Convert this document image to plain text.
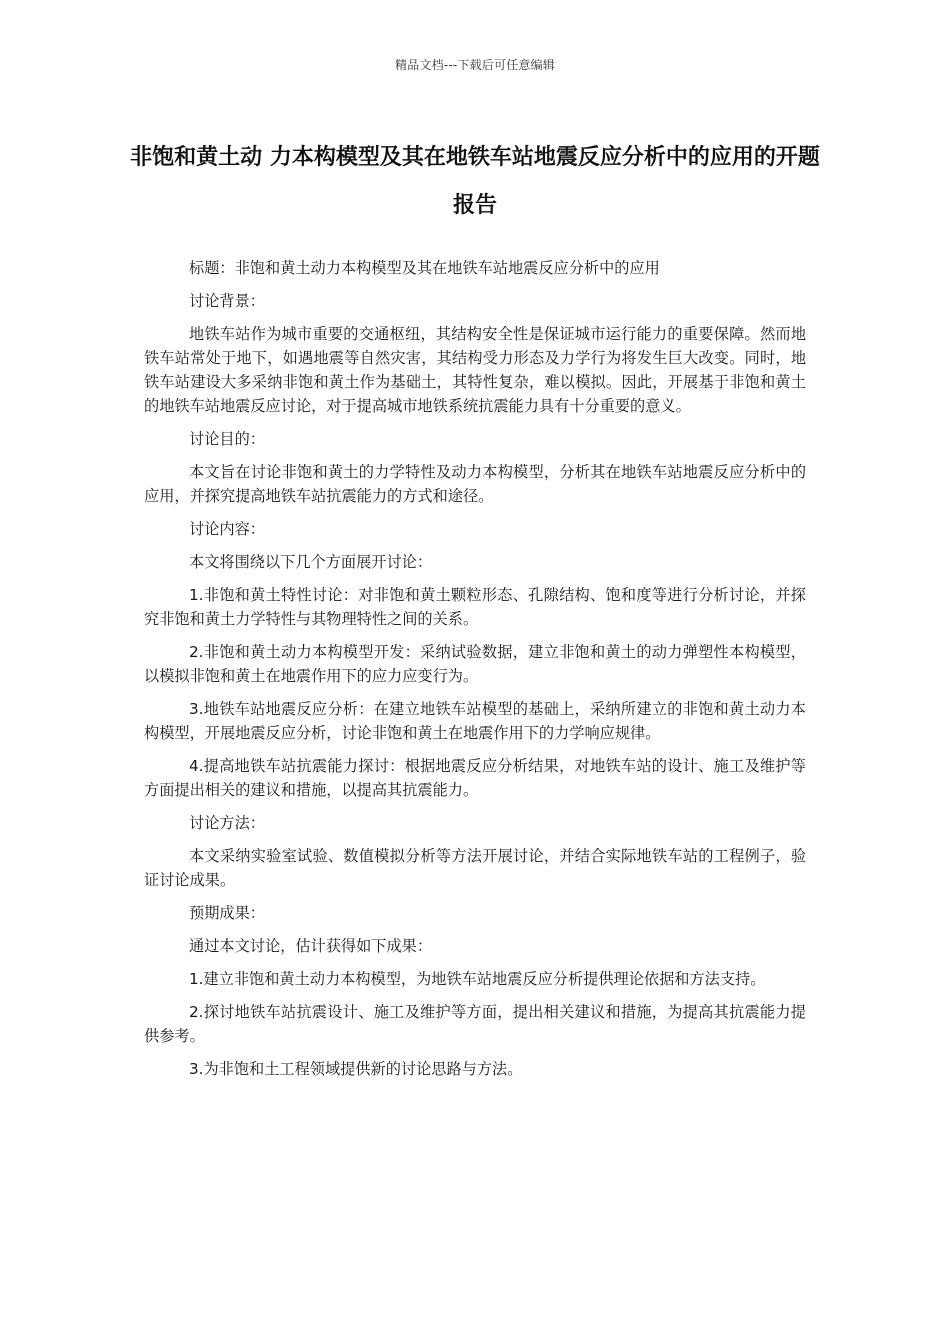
精品文档---下载后可任意编辑
非饱和黄土动 力本构模型及其在地铁车站地震反应分析中的应用的开题报告

标题：非饱和黄土动力本构模型及其在地铁车站地震反应分析中的应用

讨论背景：

地铁车站作为城市重要的交通枢纽，其结构安全性是保证城市运行能力的重要保障。然而地铁车站常处于地下，如遇地震等自然灾害，其结构受力形态及力学行为将发生巨大改变。同时，地铁车站建设大多采纳非饱和黄土作为基础土，其特性复杂，难以模拟。因此，开展基于非饱和黄土的地铁车站地震反应讨论，对于提高城市地铁系统抗震能力具有十分重要的意义。

讨论目的：

本文旨在讨论非饱和黄土的力学特性及动力本构模型，分析其在地铁车站地震反应分析中的应用，并探究提高地铁车站抗震能力的方式和途径。

讨论内容：

本文将围绕以下几个方面展开讨论：

1.非饱和黄土特性讨论：对非饱和黄土颗粒形态、孔隙结构、饱和度等进行分析讨论，并探究非饱和黄土力学特性与其物理特性之间的关系。

2.非饱和黄土动力本构模型开发：采纳试验数据，建立非饱和黄土的动力弹塑性本构模型，以模拟非饱和黄土在地震作用下的应力应变行为。

3.地铁车站地震反应分析：在建立地铁车站模型的基础上，采纳所建立的非饱和黄土动力本构模型，开展地震反应分析，讨论非饱和黄土在地震作用下的力学响应规律。

4.提高地铁车站抗震能力探讨：根据地震反应分析结果，对地铁车站的设计、施工及维护等方面提出相关的建议和措施，以提高其抗震能力。

讨论方法：

本文采纳实验室试验、数值模拟分析等方法开展讨论，并结合实际地铁车站的工程例子，验证讨论成果。

预期成果：

通过本文讨论，估计获得如下成果：

1.建立非饱和黄土动力本构模型，为地铁车站地震反应分析提供理论依据和方法支持。

2.探讨地铁车站抗震设计、施工及维护等方面，提出相关建议和措施，为提高其抗震能力提供参考。

3.为非饱和土工程领域提供新的讨论思路与方法。
